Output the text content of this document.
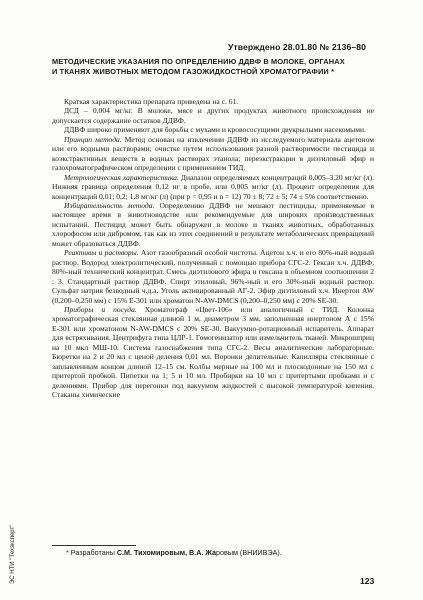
Утверждено 28.01.80 № 2136–80
МЕТОДИЧЕСКИЕ УКАЗАНИЯ ПО ОПРЕДЕЛЕНИЮ ДДВФ В МОЛОКЕ, ОРГАНАХ И ТКАНЯХ ЖИВОТНЫХ МЕТОДОМ ГАЗОЖИДКОСТНОЙ ХРОМАТОГРАФИИ *

Краткая характеристика препарата приведена на с. 61.

ДСД – 0,004 мг/кг. В молоке, мясе и других продуктах животного происхождения не допускается содержание остатков ДДВФ.

ДДВФ широко применяют для борьбы с мухами и кровососущими двукрылыми насекомыми.

Принцип метода. Метод основан на извлечении ДДВФ из исследуемого материала ацетоном или его водными растворами; очистке путем использования разной растворимости пестицида и коэкстрактивных веществ в водных растворах этанола; переэкстракции в диэтиловый эфир и газохроматографическом определении с применением ТИД.

Метрологическая характеристика. Диапазон определяемых концентраций 0,005–3,20 мг/кг (л). Нижняя граница определения 0,12 нг в пробе, или 0,005 мг/кг (л). Процент определения для концентраций 0,01; 0,2; 1,8 мг/кг (л) (при p = 0,95 и n = 12) 70 ± 8; 72 ± 5; 74 ± 5% соответственно.

Избирательность метода. Определению ДДВФ не мешают пестициды, применяемые в настоящее время в животноводстве или рекомендуемые для широких производственных испытаний. Пестицид может быть обнаружен в молоке и тканях животных, обработанных хлорофосом или дибромом, так как из этих соединений в результате метаболических превращений может образоваться ДДВФ.

Реактивы и растворы. Азот газообразный особой чистоты. Ацетон х.ч. и его 80%-ный водный раствор. Водород электролитический, полученный с помощью прибора СГС-2. Гексан х.ч. ДДВФ, 80%-ный технический концентрат. Смесь диэтилового эфира и гексана в объемном соотношении 2 : 3. Стандартный раствор ДДВФ. Спирт этиловый, 96%-ный и его 30%-ный водный раствор. Сульфат натрия безводный ч.д.а. Уголь активированный АГ-2. Эфир диэтиловый х.ч. Инертон AW (0,200–0,250 мм) с 15% Е-301 или хроматон N-AW-DMCS (0,200–0,250 мм) с 20% SE-30.

Приборы и посуда. Хроматограф «Цвет-106» или аналогичный с ТИД. Колонка хроматографическая стеклянная длиной 1 м, диаметром 3 мм, заполненная инертоном А с 15% Е-301 или хроматоном N-AW-DMCS с 20% SE-30. Вакуумно-ротационный испаритель. Аппарат для встряхивания. Центрифуга типа ЦЛР-1. Гомогенизатор или измельчитель тканей. Микрошприц на 10 мкл МШ-10. Система газоснабжения типа СГС-2. Весы аналитические лабораторные. Бюретки на 2 и 20 мл с ценой деления 0,01 мл. Воронки делительные. Капилляры стеклянные с заплавленным концом длиной 12–15 см. Колбы мерные на 100 мл и плоскодонные на 150 мл с притертой пробкой. Пипетки на 1; 5 и 10 мл. Пробирки на 10 мл с притертыми пробками и с делениями. Прибор для перегонки под вакуумом жидкостей с высокой температурой кипения. Стаканы химические

* Разработаны С.М. Тихомировым, В.А. Жаровым (ВНИИВЭА).
123
ЭС НТИ "Техэксперт"
